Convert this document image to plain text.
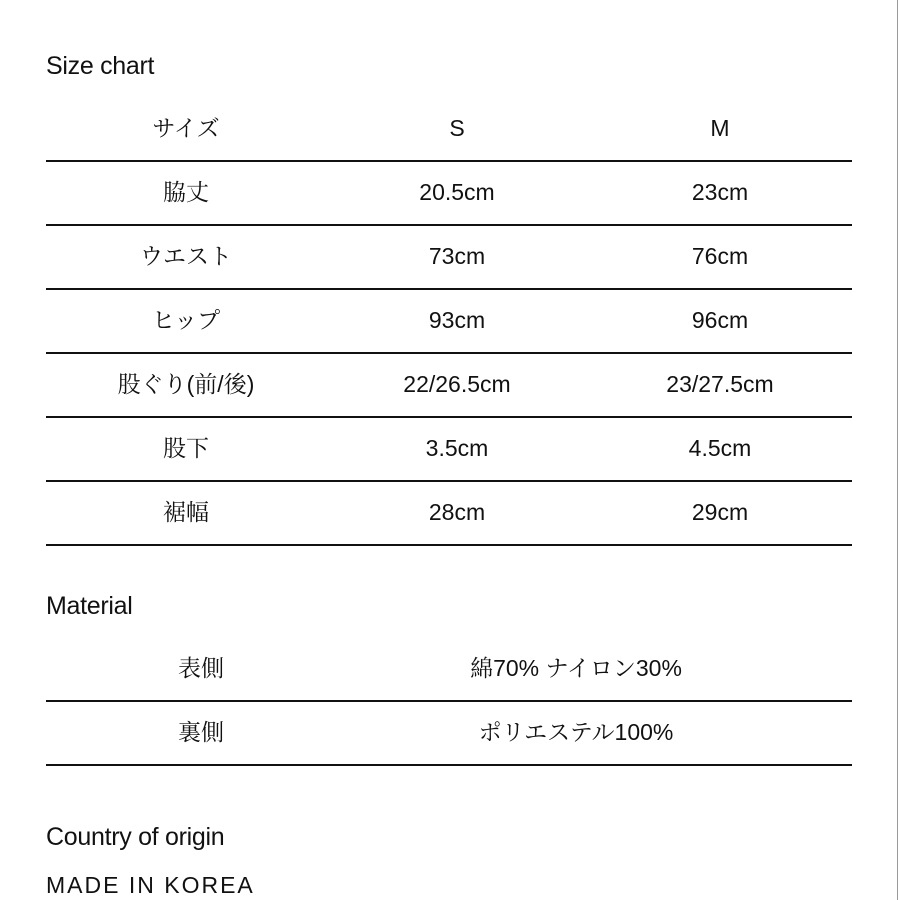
Size chart
サイズ	S	M
脇丈	20.5cm	23cm
ウエスト	73cm	76cm
ヒップ	93cm	96cm
股ぐり(前/後)	22/26.5cm	23/27.5cm
股下	3.5cm	4.5cm
裾幅	28cm	29cm
Material
表側	綿70% ナイロン30%
裏側	ポリエステル100%
Country of origin
MADE IN KOREA
